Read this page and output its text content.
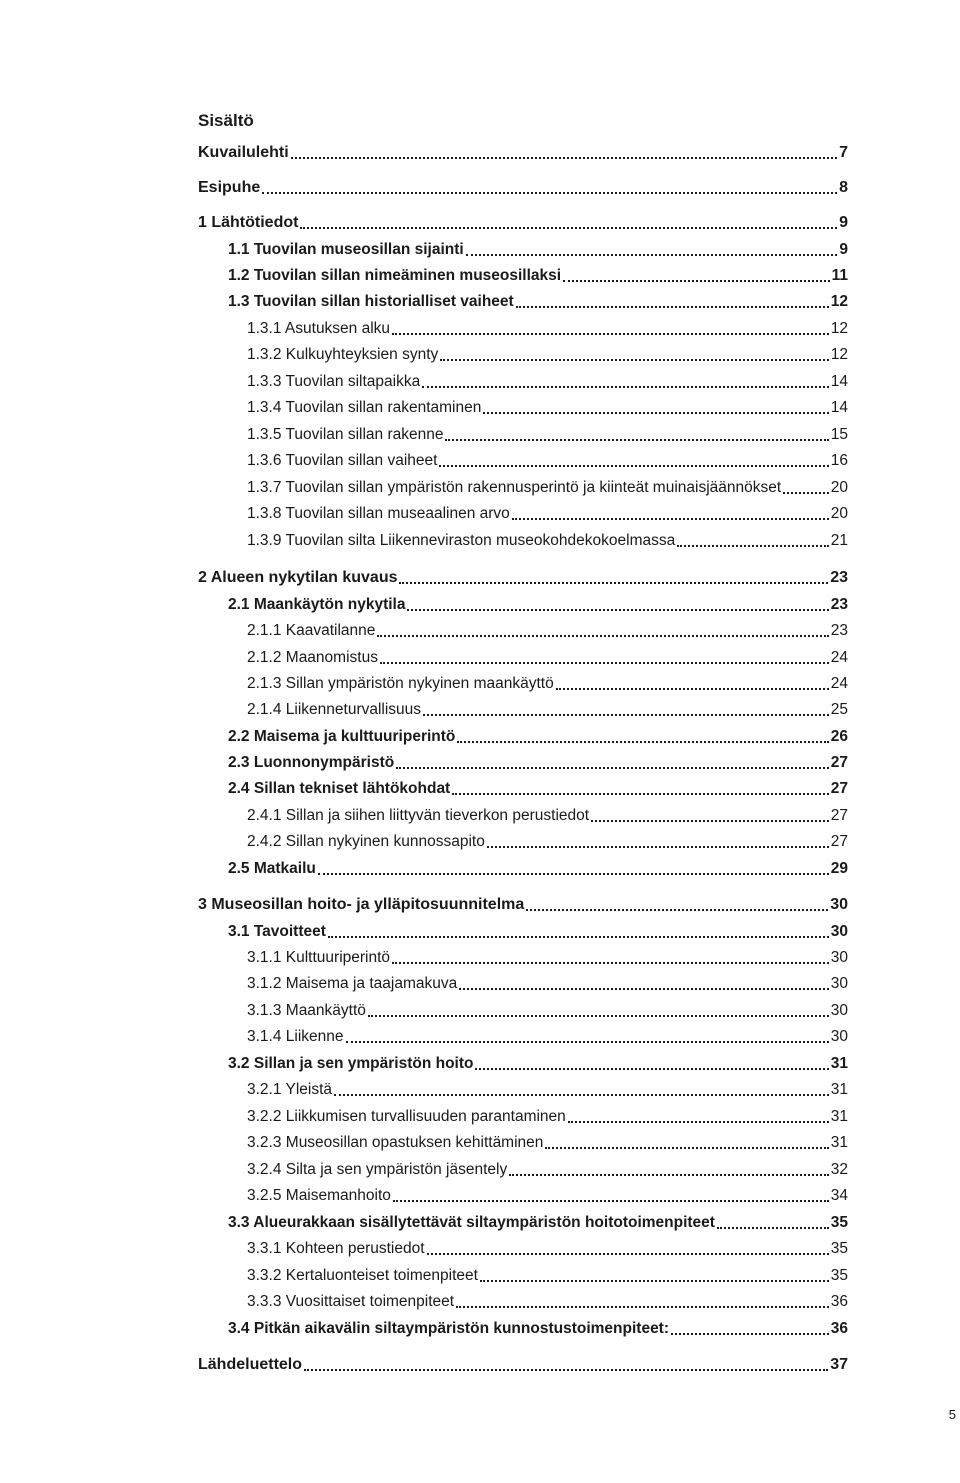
Sisältö
Kuvailulehti	7
Esipuhe	8
1 Lähtötiedot	9
1.1 Tuovilan museosillan sijainti	9
1.2 Tuovilan sillan nimeäminen museosillaksi	11
1.3 Tuovilan sillan historialliset vaiheet	12
1.3.1 Asutuksen alku	12
1.3.2 Kulkuyhteyksien synty	12
1.3.3 Tuovilan siltapaikka	14
1.3.4 Tuovilan sillan rakentaminen	14
1.3.5 Tuovilan sillan rakenne	15
1.3.6 Tuovilan sillan vaiheet	16
1.3.7 Tuovilan sillan ympäristön rakennusperintö ja kiinteät muinaisjäännökset	20
1.3.8 Tuovilan sillan museaalinen arvo	20
1.3.9 Tuovilan silta Liikenneviraston museokohdekokoelmassa	21
2 Alueen nykytilan kuvaus	23
2.1 Maankäytön nykytila	23
2.1.1 Kaavatilanne	23
2.1.2 Maanomistus	24
2.1.3 Sillan ympäristön nykyinen maankäyttö	24
2.1.4 Liikenneturvallisuus	25
2.2 Maisema ja kulttuuriperintö	26
2.3 Luonnonympäristö	27
2.4 Sillan tekniset lähtökohdat	27
2.4.1 Sillan ja siihen liittyvän tieverkon perustiedot	27
2.4.2 Sillan nykyinen kunnossapito	27
2.5 Matkailu	29
3 Museosillan hoito- ja ylläpitosuunnitelma	30
3.1 Tavoitteet	30
3.1.1 Kulttuuriperintö	30
3.1.2 Maisema ja taajamakuva	30
3.1.3 Maankäyttö	30
3.1.4 Liikenne	30
3.2 Sillan ja sen ympäristön hoito	31
3.2.1 Yleistä	31
3.2.2 Liikkumisen turvallisuuden parantaminen	31
3.2.3 Museosillan opastuksen kehittäminen	31
3.2.4 Silta ja sen ympäristön jäsentely	32
3.2.5 Maisemanhoito	34
3.3 Alueurakkaan sisällytettävät siltaympäristön hoitotoimenpiteet	35
3.3.1 Kohteen perustiedot	35
3.3.2 Kertaluonteiset toimenpiteet	35
3.3.3 Vuosittaiset toimenpiteet	36
3.4 Pitkän aikavälin siltaympäristön kunnostustoimenpiteet:	36
Lähdeluettelo	37

5
